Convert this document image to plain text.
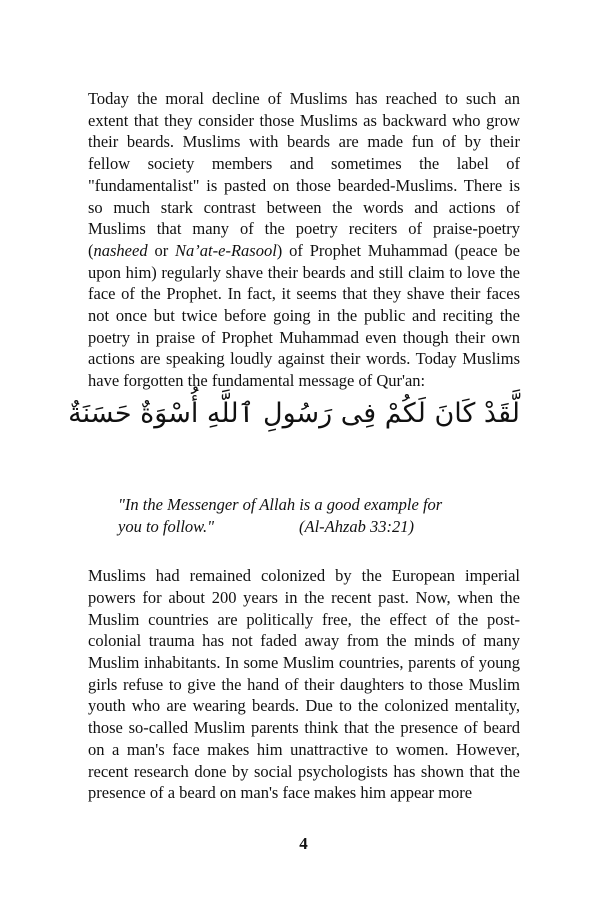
Today the moral decline of Muslims has reached to such an extent that they consider those Muslims as backward who grow their beards. Muslims with beards are made fun of by their fellow society members and sometimes the label of "fundamentalist" is pasted on those bearded-Muslims. There is so much stark contrast between the words and actions of Muslims that many of the poetry reciters of praise-poetry (nasheed or Na’at-e-Rasool) of Prophet Muhammad (peace be upon him) regularly shave their beards and still claim to love the face of the Prophet. In fact, it seems that they shave their faces not once but twice before going in the public and reciting the poetry in praise of Prophet Muhammad even though their own actions are speaking loudly against their words. Today Muslims have forgotten the fundamental message of Qur'an:

لَّقَدْ كَانَ لَكُمْ فِى رَسُولِ ٱللَّهِ أُسْوَةٌ حَسَنَةٌ
"In the Messenger of Allah is a good example for
you to follow."	(Al-Ahzab 33:21)

Muslims had remained colonized by the European imperial powers for about 200 years in the recent past. Now, when the Muslim countries are politically free, the effect of the post-colonial trauma has not faded away from the minds of many Muslim inhabitants. In some Muslim countries, parents of young girls refuse to give the hand of their daughters to those Muslim youth who are wearing beards. Due to the colonized mentality, those so-called Muslim parents think that the presence of beard on a man's face makes him unattractive to women. However, recent research done by social psychologists has shown that the presence of a beard on man's face makes him appear more

4
